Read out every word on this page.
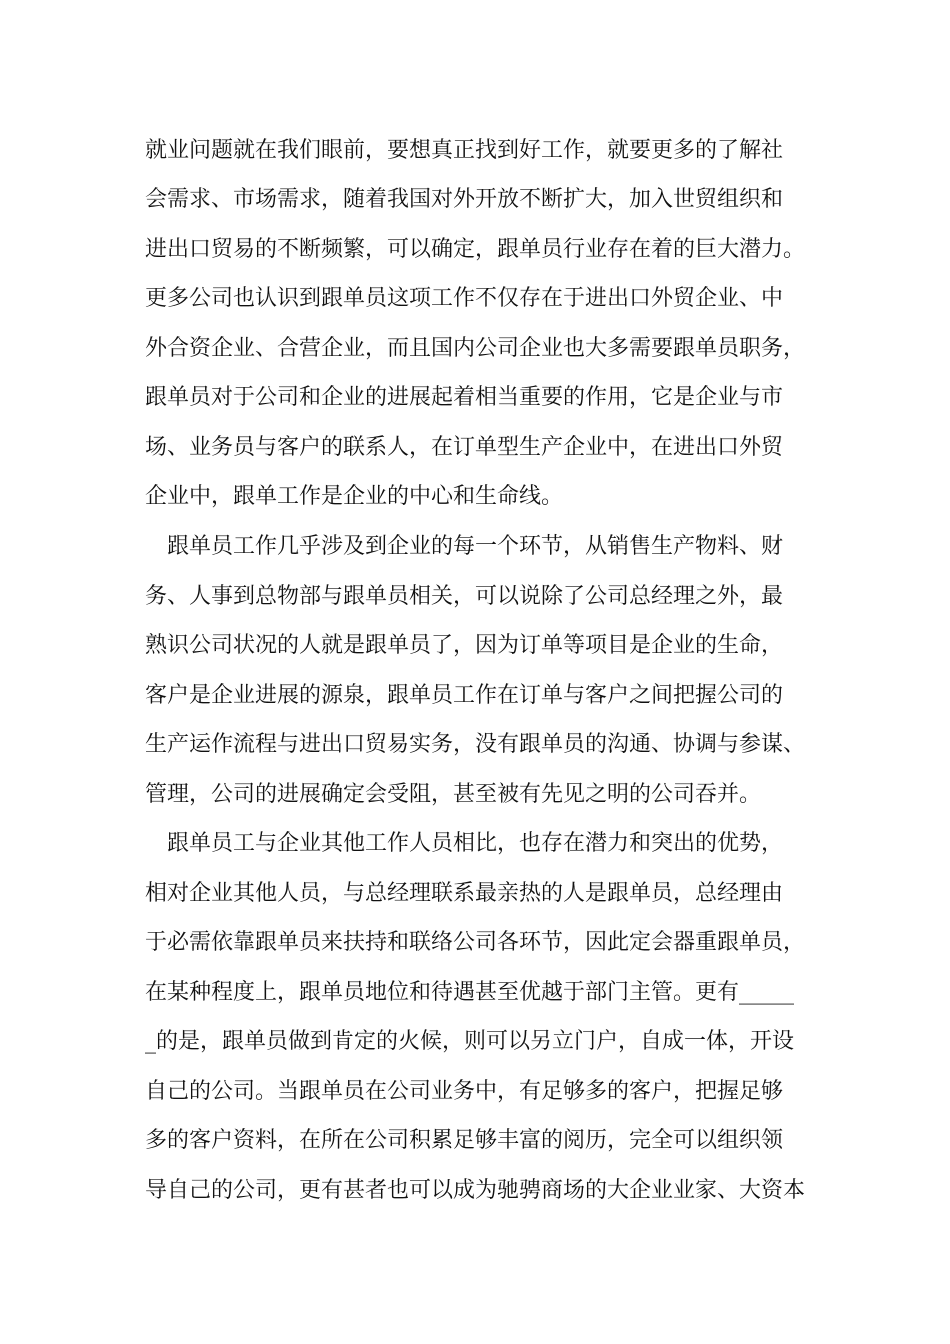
就业问题就在我们眼前，要想真正找到好工作，就要更多的了解社
会需求、市场需求，随着我国对外开放不断扩大，加入世贸组织和
进出口贸易的不断频繁，可以确定，跟单员行业存在着的巨大潜力。
更多公司也认识到跟单员这项工作不仅存在于进出口外贸企业、中
外合资企业、合营企业，而且国内公司企业也大多需要跟单员职务，
跟单员对于公司和企业的进展起着相当重要的作用，它是企业与市
场、业务员与客户的联系人，在订单型生产企业中，在进出口外贸
企业中，跟单工作是企业的中心和生命线。
跟单员工作几乎涉及到企业的每一个环节，从销售生产物料、财
务、人事到总物部与跟单员相关，可以说除了公司总经理之外，最
熟识公司状况的人就是跟单员了，因为订单等项目是企业的生命，
客户是企业进展的源泉，跟单员工作在订单与客户之间把握公司的
生产运作流程与进出口贸易实务，没有跟单员的沟通、协调与参谋、
管理，公司的进展确定会受阻，甚至被有先见之明的公司吞并。
跟单员工与企业其他工作人员相比，也存在潜力和突出的优势，
相对企业其他人员，与总经理联系最亲热的人是跟单员，总经理由
于必需依靠跟单员来扶持和联络公司各环节，因此定会器重跟单员，
在某种程度上，跟单员地位和待遇甚至优越于部门主管。更有_____
_的是，跟单员做到肯定的火候，则可以另立门户，自成一体，开设
自己的公司。当跟单员在公司业务中，有足够多的客户，把握足够
多的客户资料，在所在公司积累足够丰富的阅历，完全可以组织领
导自己的公司，更有甚者也可以成为驰骋商场的大企业业家、大资本
